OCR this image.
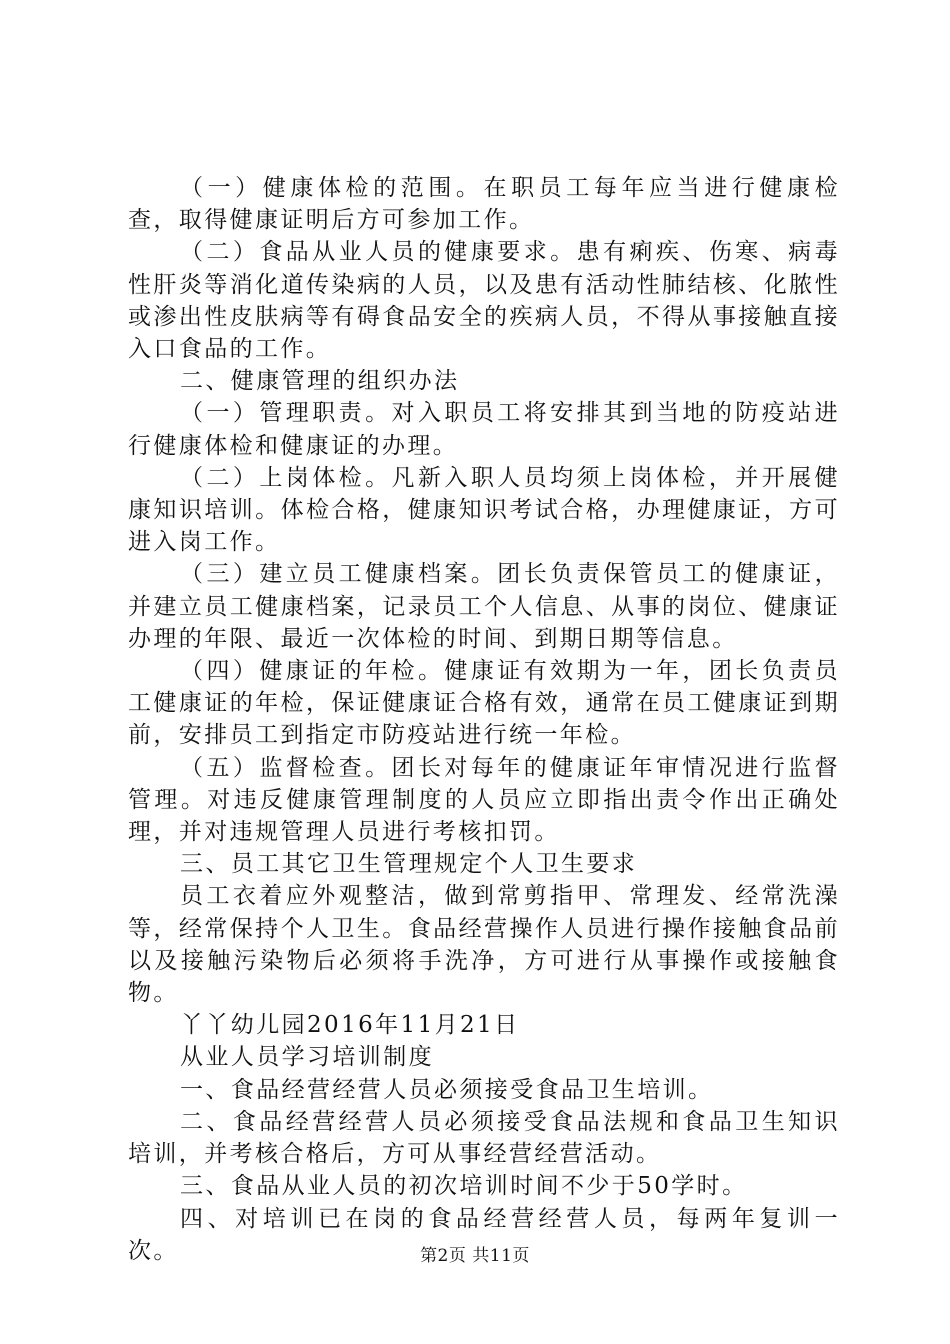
（一）健康体检的范围。在职员工每年应当进行健康检查，取得健康证明后方可参加工作。

（二）食品从业人员的健康要求。患有痢疾、伤寒、病毒性肝炎等消化道传染病的人员，以及患有活动性肺结核、化脓性或渗出性皮肤病等有碍食品安全的疾病人员，不得从事接触直接入口食品的工作。

二、健康管理的组织办法

（一）管理职责。对入职员工将安排其到当地的防疫站进行健康体检和健康证的办理。

（二）上岗体检。凡新入职人员均须上岗体检，并开展健康知识培训。体检合格，健康知识考试合格，办理健康证，方可进入岗工作。

（三）建立员工健康档案。团长负责保管员工的健康证，并建立员工健康档案，记录员工个人信息、从事的岗位、健康证办理的年限、最近一次体检的时间、到期日期等信息。

（四）健康证的年检。健康证有效期为一年，团长负责员工健康证的年检，保证健康证合格有效，通常在员工健康证到期前，安排员工到指定市防疫站进行统一年检。

（五）监督检查。团长对每年的健康证年审情况进行监督管理。对违反健康管理制度的人员应立即指出责令作出正确处理，并对违规管理人员进行考核扣罚。

三、员工其它卫生管理规定个人卫生要求

员工衣着应外观整洁，做到常剪指甲、常理发、经常洗澡等，经常保持个人卫生。食品经营操作人员进行操作接触食品前以及接触污染物后必须将手洗净，方可进行从事操作或接触食物。

丫丫幼儿园2016年11月21日

从业人员学习培训制度

一、食品经营经营人员必须接受食品卫生培训。

二、食品经营经营人员必须接受食品法规和食品卫生知识培训，并考核合格后，方可从事经营经营活动。

三、食品从业人员的初次培训时间不少于50学时。

四、对培训已在岗的食品经营经营人员，每两年复训一次。	第2页 共11页
